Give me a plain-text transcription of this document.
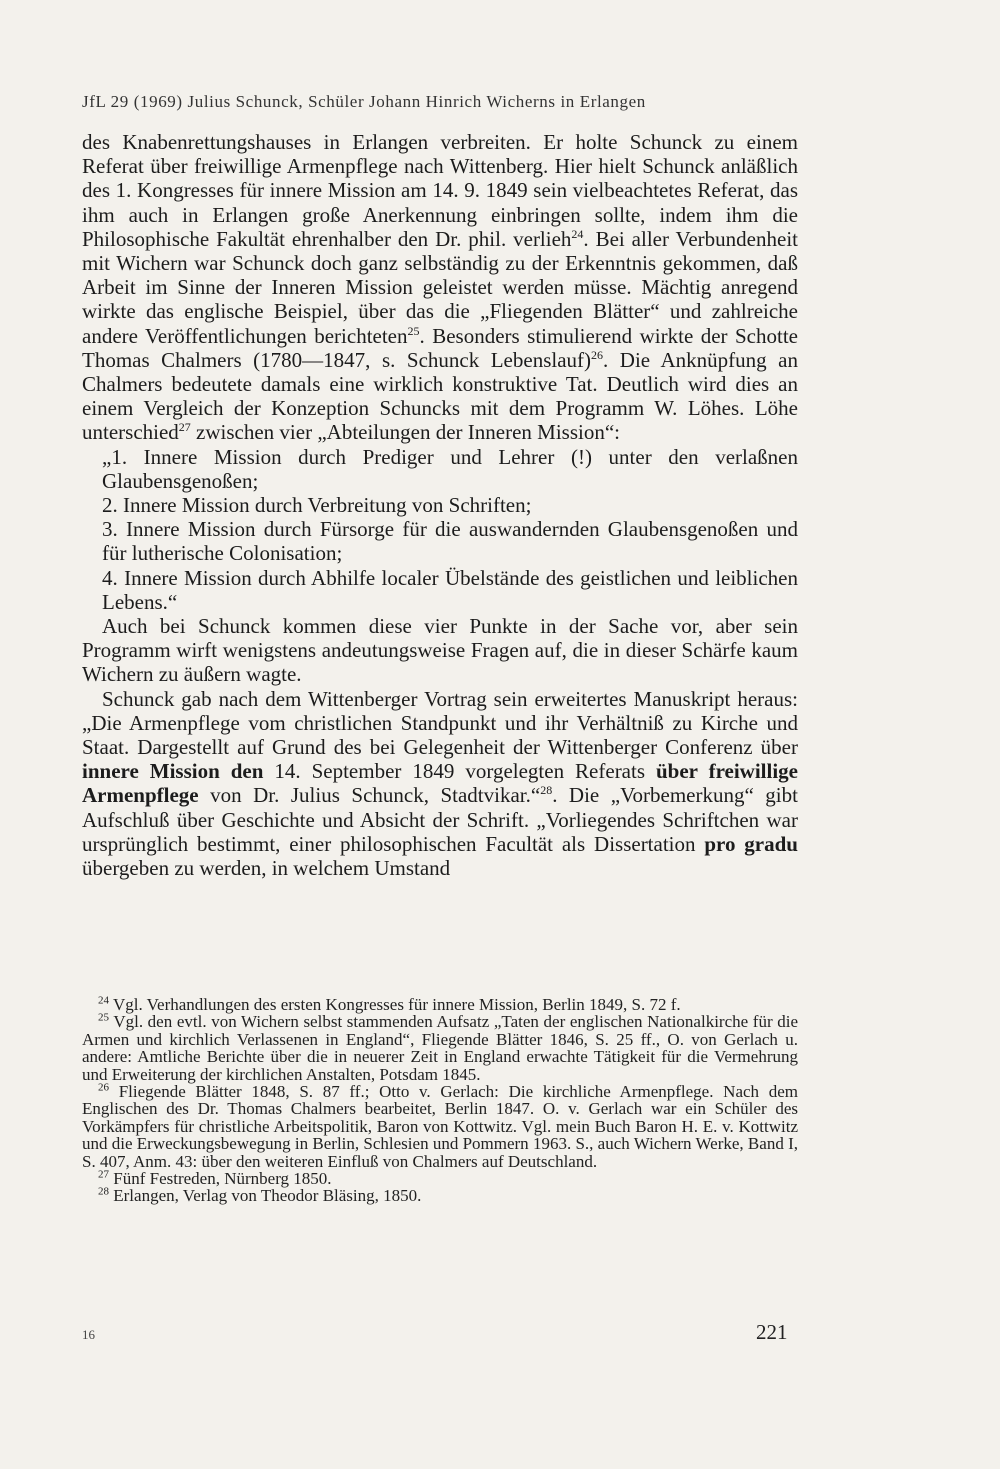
JfL 29 (1969) Julius Schunck, Schüler Johann Hinrich Wicherns in Erlangen

des Knabenrettungshauses in Erlangen verbreiten. Er holte Schunck zu einem Referat über freiwillige Armenpflege nach Wittenberg. Hier hielt Schunck anläßlich des 1. Kongresses für innere Mission am 14. 9. 1849 sein vielbeachtetes Referat, das ihm auch in Erlangen große Anerkennung einbringen sollte, indem ihm die Philosophische Fakultät ehrenhalber den Dr. phil. verlieh$^{24}$. Bei aller Verbundenheit mit Wichern war Schunck doch ganz selbständig zu der Erkenntnis gekommen, daß Arbeit im Sinne der Inneren Mission geleistet werden müsse. Mächtig anregend wirkte das englische Beispiel, über das die „Fliegenden Blätter“ und zahlreiche andere Veröffentlichungen berichteten$^{25}$. Besonders stimulierend wirkte der Schotte Thomas Chalmers (1780—1847, s. Schunck Lebenslauf)$^{26}$. Die Anknüpfung an Chalmers bedeutete damals eine wirklich konstruktive Tat. Deutlich wird dies an einem Vergleich der Konzeption Schuncks mit dem Programm W. Löhes. Löhe unterschied$^{27}$ zwischen vier „Abteilungen der Inneren Mission“:

„1. Innere Mission durch Prediger und Lehrer (!) unter den verlaßnen Glaubensgenoßen;

2. Innere Mission durch Verbreitung von Schriften;

3. Innere Mission durch Fürsorge für die auswandernden Glaubensgenoßen und für lutherische Colonisation;

4. Innere Mission durch Abhilfe localer Übelstände des geistlichen und leiblichen Lebens.“

Auch bei Schunck kommen diese vier Punkte in der Sache vor, aber sein Programm wirft wenigstens andeutungsweise Fragen auf, die in dieser Schärfe kaum Wichern zu äußern wagte.

Schunck gab nach dem Wittenberger Vortrag sein erweitertes Manuskript heraus: „Die Armenpflege vom christlichen Standpunkt und ihr Verhältniß zu Kirche und Staat. Dargestellt auf Grund des bei Gelegenheit der Wittenberger Conferenz über innere Mission den 14. September 1849 vorgelegten Referats über freiwillige Armenpflege von Dr. Julius Schunck, Stadtvikar.“$^{28}$. Die „Vorbemerkung“ gibt Aufschluß über Geschichte und Absicht der Schrift. „Vorliegendes Schriftchen war ursprünglich bestimmt, einer philosophischen Facultät als Dissertation pro gradu übergeben zu werden, in welchem Umstand

$^{24}$ Vgl. Verhandlungen des ersten Kongresses für innere Mission, Berlin 1849, S. 72 f.

$^{25}$ Vgl. den evtl. von Wichern selbst stammenden Aufsatz „Taten der englischen Nationalkirche für die Armen und kirchlich Verlassenen in England“, Fliegende Blätter 1846, S. 25 ff., O. von Gerlach u. andere: Amtliche Berichte über die in neuerer Zeit in England erwachte Tätigkeit für die Vermehrung und Erweiterung der kirchlichen Anstalten, Potsdam 1845.

$^{26}$ Fliegende Blätter 1848, S. 87 ff.; Otto v. Gerlach: Die kirchliche Armenpflege. Nach dem Englischen des Dr. Thomas Chalmers bearbeitet, Berlin 1847. O. v. Gerlach war ein Schüler des Vorkämpfers für christliche Arbeitspolitik, Baron von Kottwitz. Vgl. mein Buch Baron H. E. v. Kottwitz und die Erweckungsbewegung in Berlin, Schlesien und Pommern 1963. S., auch Wichern Werke, Band I, S. 407, Anm. 43: über den weiteren Einfluß von Chalmers auf Deutschland.

$^{27}$ Fünf Festreden, Nürnberg 1850.

$^{28}$ Erlangen, Verlag von Theodor Bläsing, 1850.

16	221
